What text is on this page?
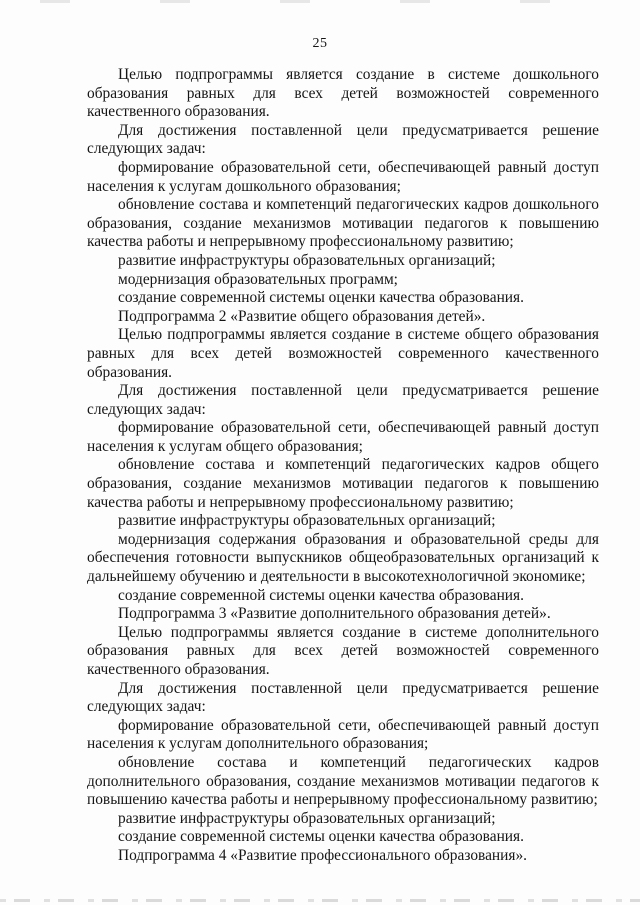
25

Целью подпрограммы является создание в системе дошкольного образования равных для всех детей возможностей современного качественного образования.

Для достижения поставленной цели предусматривается решение следующих задач:

формирование образовательной сети, обеспечивающей равный доступ населения к услугам дошкольного образования;

обновление состава и компетенций педагогических кадров дошкольного образования, создание механизмов мотивации педагогов к повышению качества работы и непрерывному профессиональному развитию;

развитие инфраструктуры образовательных организаций;

модернизация образовательных программ;

создание современной системы оценки качества образования.

Подпрограмма 2 «Развитие общего образования детей».

Целью подпрограммы является создание в системе общего образования равных для всех детей возможностей современного качественного образования.

Для достижения поставленной цели предусматривается решение следующих задач:

формирование образовательной сети, обеспечивающей равный доступ населения к услугам общего образования;

обновление состава и компетенций педагогических кадров общего образования, создание механизмов мотивации педагогов к повышению качества работы и непрерывному профессиональному развитию;

развитие инфраструктуры образовательных организаций;

модернизация содержания образования и образовательной среды для обеспечения готовности выпускников общеобразовательных организаций к дальнейшему обучению и деятельности в высокотехнологичной экономике;

создание современной системы оценки качества образования.

Подпрограмма 3 «Развитие дополнительного образования детей».

Целью подпрограммы является создание в системе дополнительного образования равных для всех детей возможностей современного качественного образования.

Для достижения поставленной цели предусматривается решение следующих задач:

формирование образовательной сети, обеспечивающей равный доступ населения к услугам дополнительного образования;

обновление состава и компетенций педагогических кадров дополнительного образования, создание механизмов мотивации педагогов к повышению качества работы и непрерывному профессиональному развитию;

развитие инфраструктуры образовательных организаций;

создание современной системы оценки качества образования.

Подпрограмма 4 «Развитие профессионального образования».
